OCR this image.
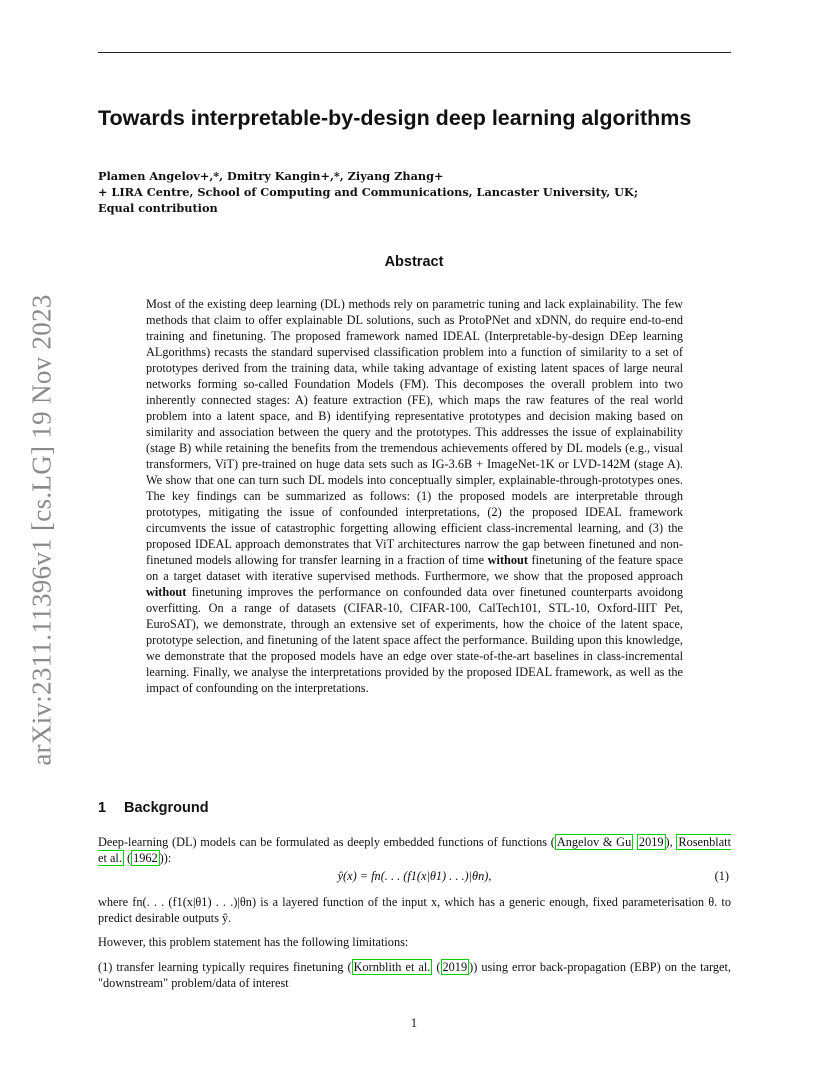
arXiv:2311.11396v1 [cs.LG] 19 Nov 2023
Towards interpretable-by-design deep learning algorithms
Plamen Angelov+,*, Dmitry Kangin+,*, Ziyang Zhang+
+ LIRA Centre, School of Computing and Communications, Lancaster University, UK;
Equal contribution
Abstract

Most of the existing deep learning (DL) methods rely on parametric tuning and lack explainability. The few methods that claim to offer explainable DL solutions, such as ProtoPNet and xDNN, do require end-to-end training and finetuning. The proposed framework named IDEAL (Interpretable-by-design DEep learning ALgorithms) recasts the standard supervised classification problem into a function of similarity to a set of prototypes derived from the training data, while taking advantage of existing latent spaces of large neural networks forming so-called Foundation Models (FM). This decomposes the overall problem into two inherently connected stages: A) feature extraction (FE), which maps the raw features of the real world problem into a latent space, and B) identifying representative prototypes and decision making based on similarity and association between the query and the prototypes. This addresses the issue of explainability (stage B) while retaining the benefits from the tremendous achievements offered by DL models (e.g., visual transformers, ViT) pre-trained on huge data sets such as IG-3.6B + ImageNet-1K or LVD-142M (stage A). We show that one can turn such DL models into conceptually simpler, explainable-through-prototypes ones. The key findings can be summarized as follows: (1) the proposed models are interpretable through prototypes, mitigating the issue of confounded interpretations, (2) the proposed IDEAL framework circumvents the issue of catastrophic forgetting allowing efficient class-incremental learning, and (3) the proposed IDEAL approach demonstrates that ViT architectures narrow the gap between finetuned and non-finetuned models allowing for transfer learning in a fraction of time without finetuning of the feature space on a target dataset with iterative supervised methods. Furthermore, we show that the proposed approach without finetuning improves the performance on confounded data over finetuned counterparts avoidong overfitting. On a range of datasets (CIFAR-10, CIFAR-100, CalTech101, STL-10, Oxford-IIIT Pet, EuroSAT), we demonstrate, through an extensive set of experiments, how the choice of the latent space, prototype selection, and finetuning of the latent space affect the performance. Building upon this knowledge, we demonstrate that the proposed models have an edge over state-of-the-art baselines in class-incremental learning. Finally, we analyse the interpretations provided by the proposed IDEAL framework, as well as the impact of confounding on the interpretations.

1 Background

Deep-learning (DL) models can be formulated as deeply embedded functions of functions ( Angelov & Gu 2019 ), Rosenblatt et al. ( 1962 )):

ŷ(x) = fn(. . . (f1(x|θ1) . . .)|θn),	(1)

where fn(. . . (f1(x|θ1) . . .)|θn) is a layered function of the input x, which has a generic enough, fixed parameterisation θ. to predict desirable outputs ŷ.

However, this problem statement has the following limitations:

(1) transfer learning typically requires finetuning ( Kornblith et al. ( 2019 )) using error back-propagation (EBP) on the target, "downstream" problem/data of interest

1
